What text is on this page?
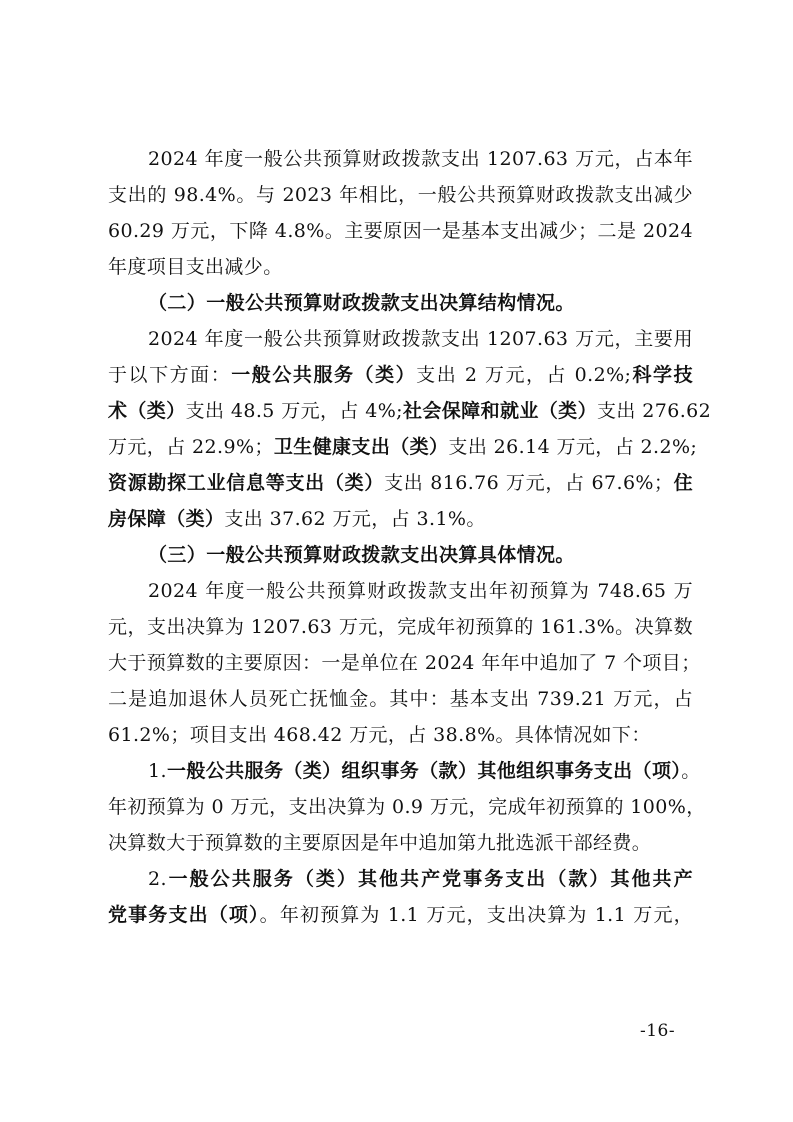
2024 年度一般公共预算财政拨款支出 1207.63 万元，占本年
支出的 98.4%。与 2023 年相比，一般公共预算财政拨款支出减少
60.29 万元，下降 4.8%。主要原因一是基本支出减少；二是 2024
年度项目支出减少。
（二）一般公共预算财政拨款支出决算结构情况。
2024 年度一般公共预算财政拨款支出 1207.63 万元，主要用
于以下方面：一般公共服务（类）支出 2 万元，占 0.2%;科学技
术（类）支出 48.5 万元，占 4%;社会保障和就业（类）支出 276.62
万元，占 22.9%；卫生健康支出（类）支出 26.14 万元，占 2.2%;
资源勘探工业信息等支出（类）支出 816.76 万元，占 67.6%；住
房保障（类）支出 37.62 万元，占 3.1%。
（三）一般公共预算财政拨款支出决算具体情况。
2024 年度一般公共预算财政拨款支出年初预算为 748.65 万
元，支出决算为 1207.63 万元，完成年初预算的 161.3%。决算数
大于预算数的主要原因：一是单位在 2024 年年中追加了 7 个项目；
二是追加退休人员死亡抚恤金。其中：基本支出 739.21 万元，占
61.2%；项目支出 468.42 万元，占 38.8%。具体情况如下：
1.一般公共服务（类）组织事务（款）其他组织事务支出（项）。
年初预算为 0 万元，支出决算为 0.9 万元，完成年初预算的 100%，
决算数大于预算数的主要原因是年中追加第九批选派干部经费。
2.一般公共服务（类）其他共产党事务支出（款）其他共产
党事务支出（项）。年初预算为 1.1 万元，支出决算为 1.1 万元，
-16-
